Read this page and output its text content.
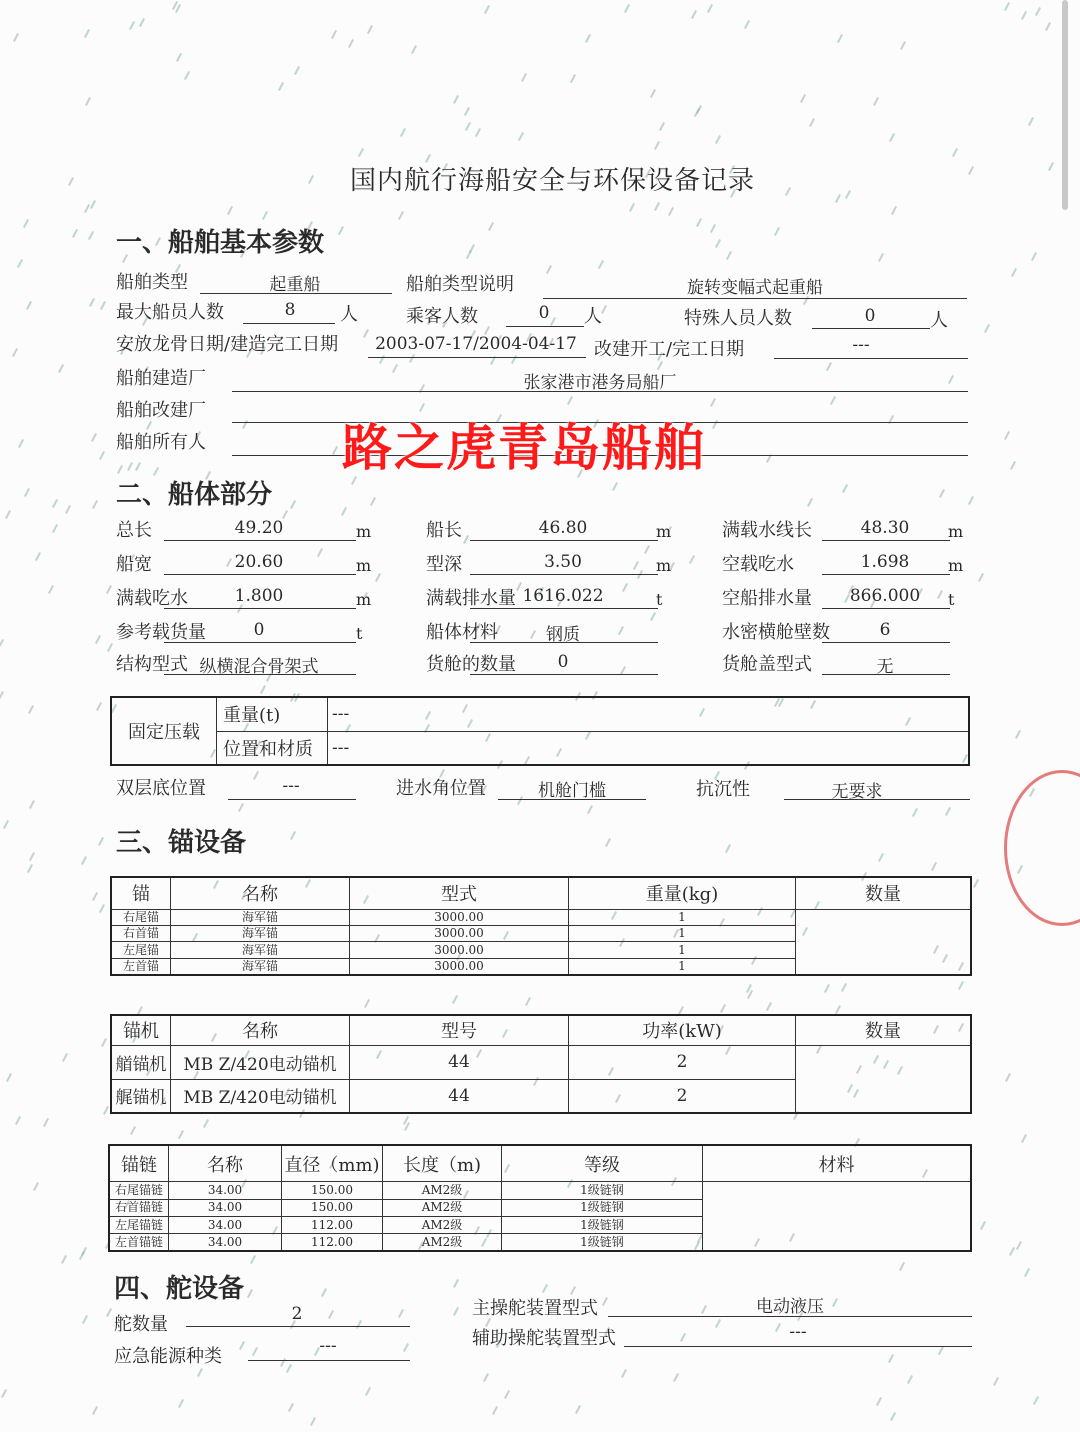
国内航行海船安全与环保设备记录
一、船舶基本参数
船舶类型	起重船	船舶类型说明	旋转变幅式起重船
最大船员人数	8	人	乘客人数	0	人	特殊人员人数	0	人
安放龙骨日期/建造完工日期	2003-07-17/2004-04-17 改建开工/完工日期	---
船舶建造厂	张家港市港务局船厂
船舶改建厂
船舶所有人	路之虎青岛船舶
二、船体部分
总长	49.20	m	船长	46.80	m	满载水线长	48.30	m
船宽	20.60	m	型深	3.50	m	空载吃水	1.698	m
满载吃水	1.800	m	满载排水量 1616.022	t	空船排水量	866.000	t
参考载货量	0	t	船体材料	钢质	水密横舱壁数	6
结构型式 纵横混合骨架式	货舱的数量	0	货舱盖型式	无
固定压载	重量(t)	---
	位置和材质	---
双层底位置	---	进水角位置	机舱门槛	抗沉性	无要求
三、锚设备
锚	名称	型式	重量(kg)	数量
右尾锚	海军锚	3000.00	1	
右首锚	海军锚	3000.00	1	
左尾锚	海军锚	3000.00	1	
左首锚	海军锚	3000.00	1	
锚机	名称	型号	功率(kW)	数量
艏锚机	MB Z/420电动锚机	44	2	
艉锚机	MB Z/420电动锚机	44	2	
锚链	名称	直径（mm)	长度（m)	等级	材料
右尾锚链	34.00	150.00	AM2级	1级链钢	
右首锚链	34.00	150.00	AM2级	1级链钢	
左尾锚链	34.00	112.00	AM2级	1级链钢	
左首锚链	34.00	112.00	AM2级	1级链钢	
四、舵设备
舵数量	2
应急能源种类	---
主操舵装置型式	电动液压
辅助操舵装置型式	---
